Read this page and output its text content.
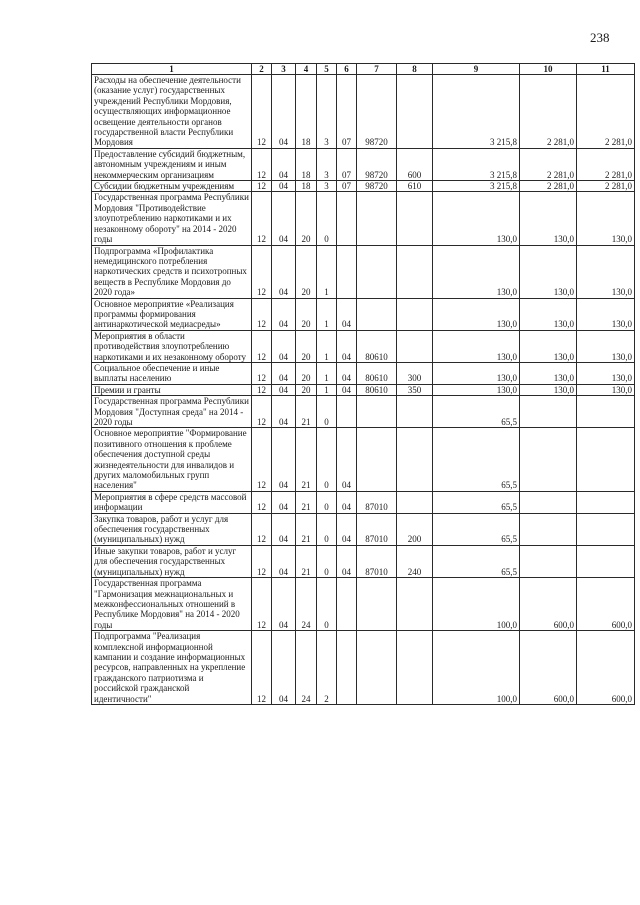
238
1	2	3	4	5	6	7	8	9	10	11
Расходы на обеспечение деятельности (оказание услуг) государственных учреждений Республики Мордовия, осуществляющих информационное освещение деятельности органов государственной власти Республики Мордовия	12	04	18	3	07	98720		3 215,8	2 281,0	2 281,0
Предоставление субсидий бюджетным, автономным учреждениям и иным некоммерческим организациям	12	04	18	3	07	98720	600	3 215,8	2 281,0	2 281,0
Субсидии бюджетным учреждениям	12	04	18	3	07	98720	610	3 215,8	2 281,0	2 281,0
Государственная программа Республики Мордовия "Противодействие злоупотреблению наркотиками и их незаконному обороту" на 2014 - 2020 годы	12	04	20	0				130,0	130,0	130,0
Подпрограмма «Профилактика немедицинского потребления наркотических средств и психотропных веществ в Республике Мордовия до 2020 года»	12	04	20	1				130,0	130,0	130,0
Основное мероприятие «Реализация программы формирования антинаркотической медиасреды»	12	04	20	1	04			130,0	130,0	130,0
Мероприятия в области противодействия злоупотреблению наркотиками и их незаконному обороту	12	04	20	1	04	80610		130,0	130,0	130,0
Социальное обеспечение и иные выплаты населению	12	04	20	1	04	80610	300	130,0	130,0	130,0
Премии и гранты	12	04	20	1	04	80610	350	130,0	130,0	130,0
Государственная программа Республики Мордовия "Доступная среда" на 2014 - 2020 годы	12	04	21	0				65,5		
Основное мероприятие "Формирование позитивного отношения к проблеме обеспечения доступной среды жизнедеятельности для инвалидов и других маломобильных групп населения"	12	04	21	0	04			65,5		
Мероприятия в сфере средств массовой информации	12	04	21	0	04	87010		65,5		
Закупка товаров, работ и услуг для обеспечения государственных (муниципальных) нужд	12	04	21	0	04	87010	200	65,5		
Иные закупки товаров, работ и услуг для обеспечения государственных (муниципальных) нужд	12	04	21	0	04	87010	240	65,5		
Государственная программа "Гармонизация межнациональных и межконфессиональных отношений в Республике Мордовия" на 2014 - 2020 годы	12	04	24	0				100,0	600,0	600,0
Подпрограмма "Реализация комплексной информационной кампании и создание информационных ресурсов, направленных на укрепление гражданского патриотизма и российской гражданской идентичности"	12	04	24	2				100,0	600,0	600,0
